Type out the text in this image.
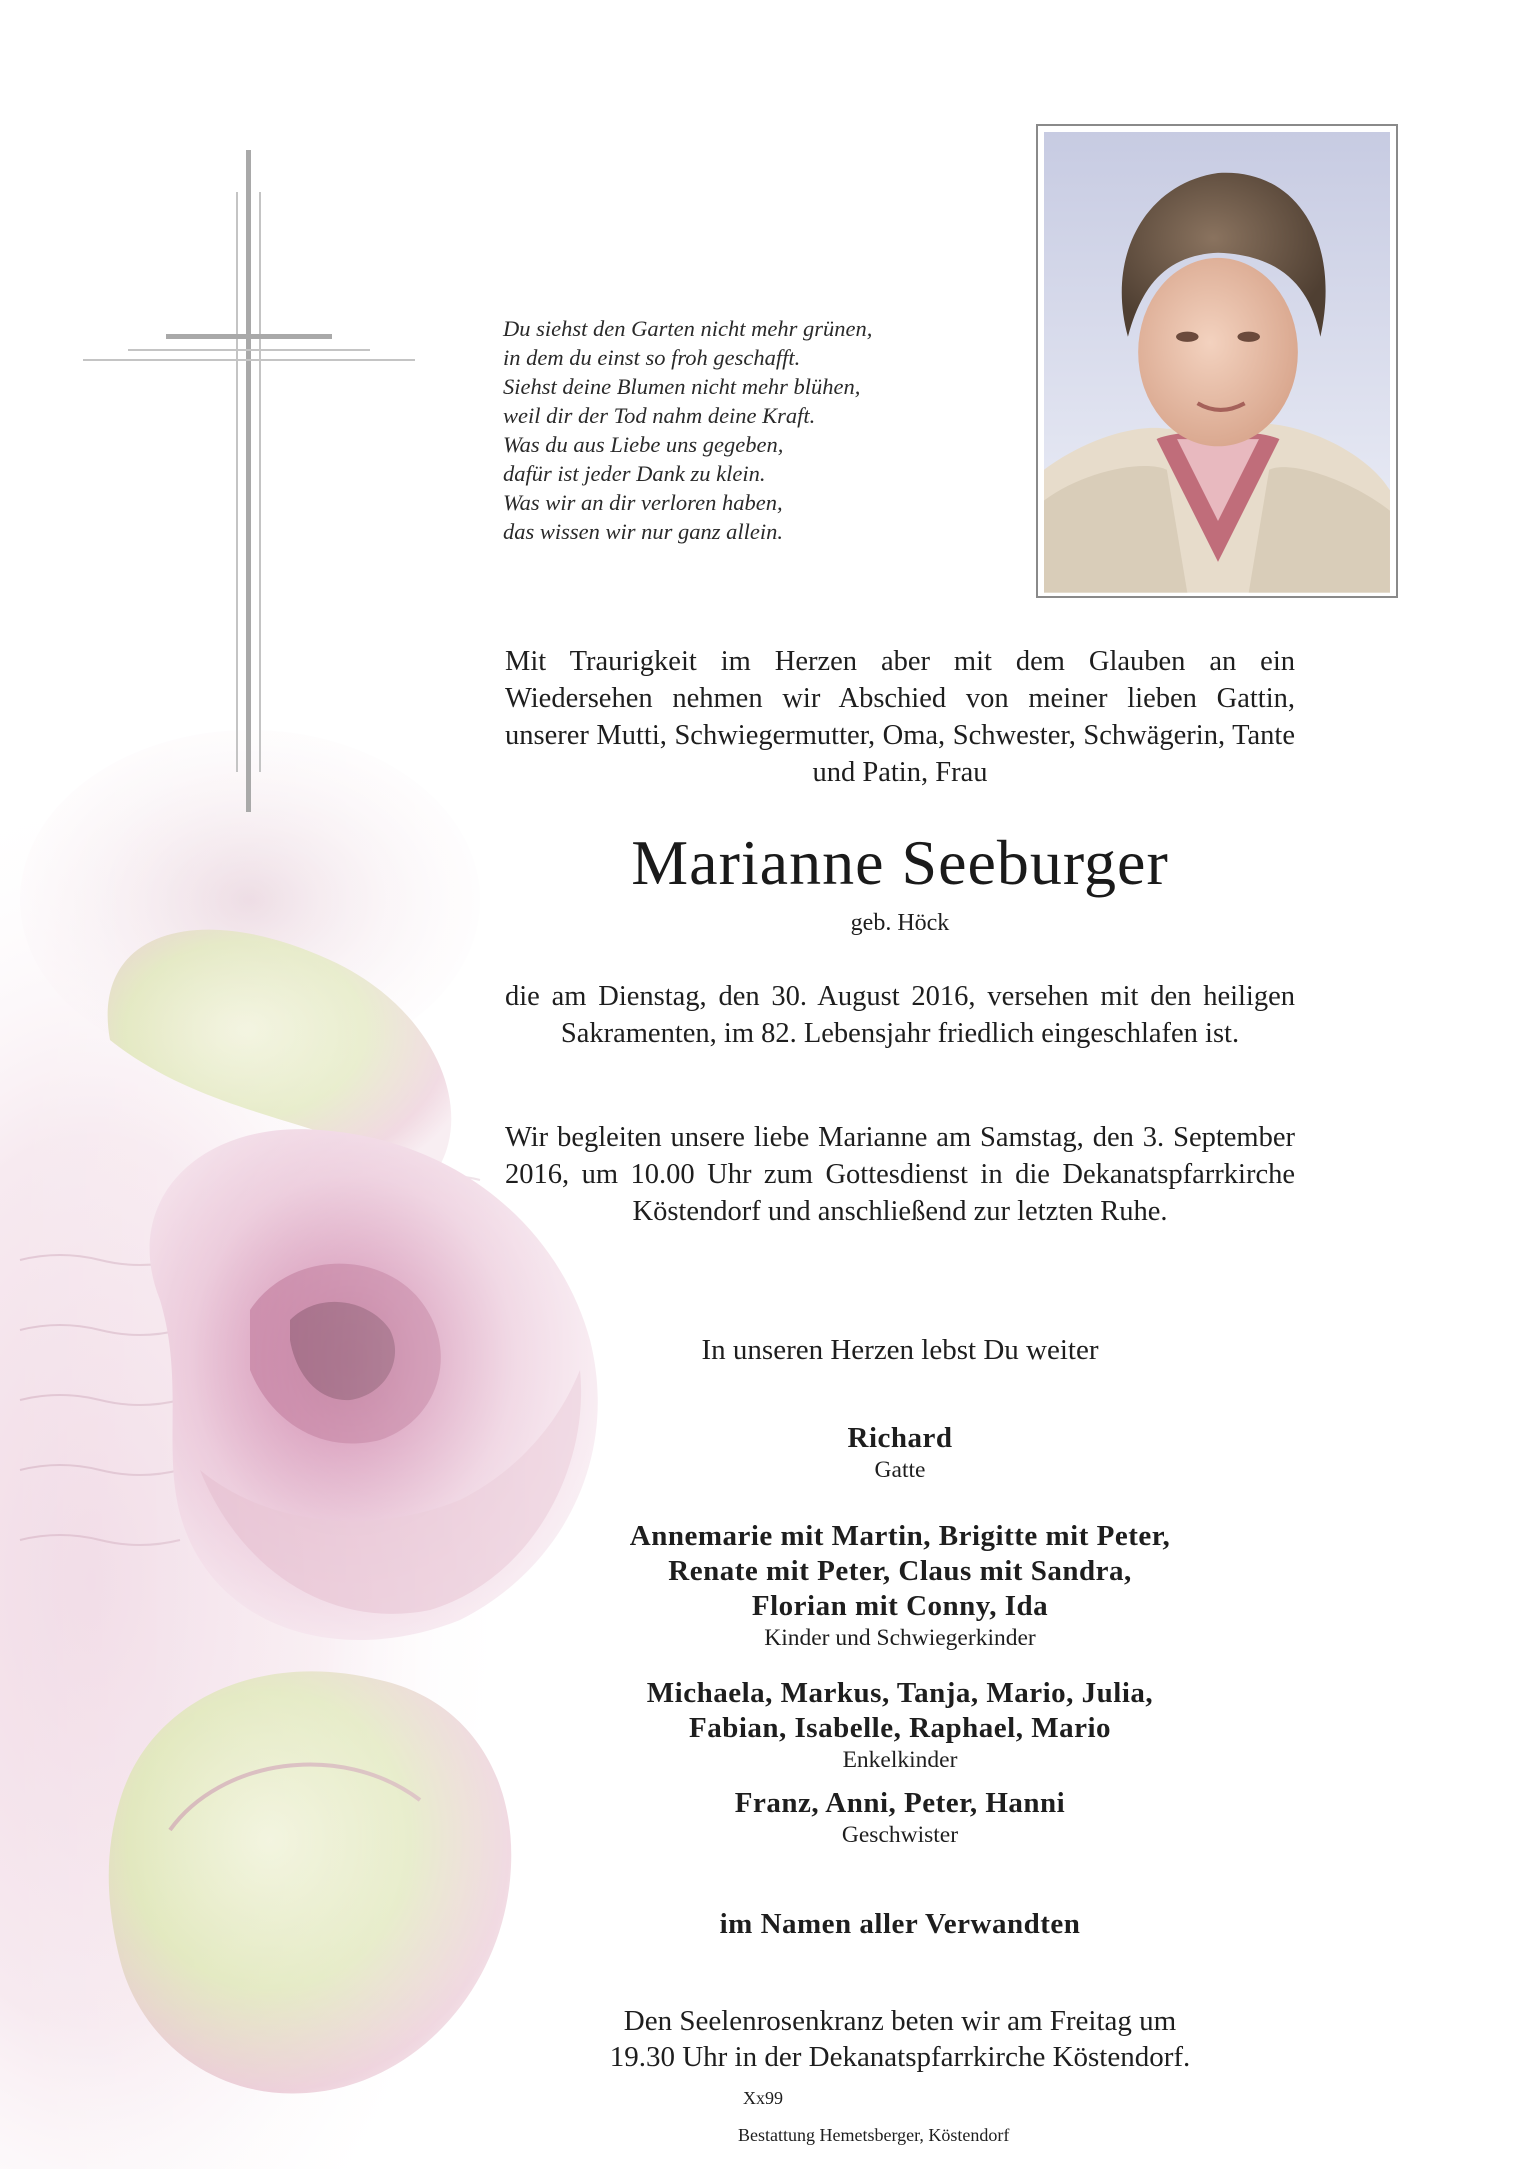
Du siehst den Garten nicht mehr grünen,
in dem du einst so froh geschafft.
Siehst deine Blumen nicht mehr blühen,
weil dir der Tod nahm deine Kraft.
Was du aus Liebe uns gegeben,
dafür ist jeder Dank zu klein.
Was wir an dir verloren haben,
das wissen wir nur ganz allein.
Mit Traurigkeit im Herzen aber mit dem Glauben an ein Wiedersehen nehmen wir Abschied von meiner lieben Gattin, unserer Mutti, Schwiegermutter, Oma, Schwester, Schwägerin, Tante und Patin, Frau
Marianne Seeburger
geb. Höck
die am Dienstag, den 30. August 2016, versehen mit den heiligen Sakramenten, im 82. Lebensjahr friedlich eingeschlafen ist.
Wir begleiten unsere liebe Marianne am Samstag, den 3. September 2016, um 10.00 Uhr zum Gottesdienst in die Dekanatspfarrkirche Köstendorf und anschließend zur letzten Ruhe.
In unseren Herzen lebst Du weiter
Richard
Gatte
Annemarie mit Martin, Brigitte mit Peter,
Renate mit Peter, Claus mit Sandra,
Florian mit Conny, Ida
Kinder und Schwiegerkinder
Michaela, Markus, Tanja, Mario, Julia,
Fabian, Isabelle, Raphael, Mario
Enkelkinder
Franz, Anni, Peter, Hanni
Geschwister
im Namen aller Verwandten
Den Seelenrosenkranz beten wir am Freitag um
19.30 Uhr in der Dekanatspfarrkirche Köstendorf.
Xx99
Bestattung Hemetsberger, Köstendorf
